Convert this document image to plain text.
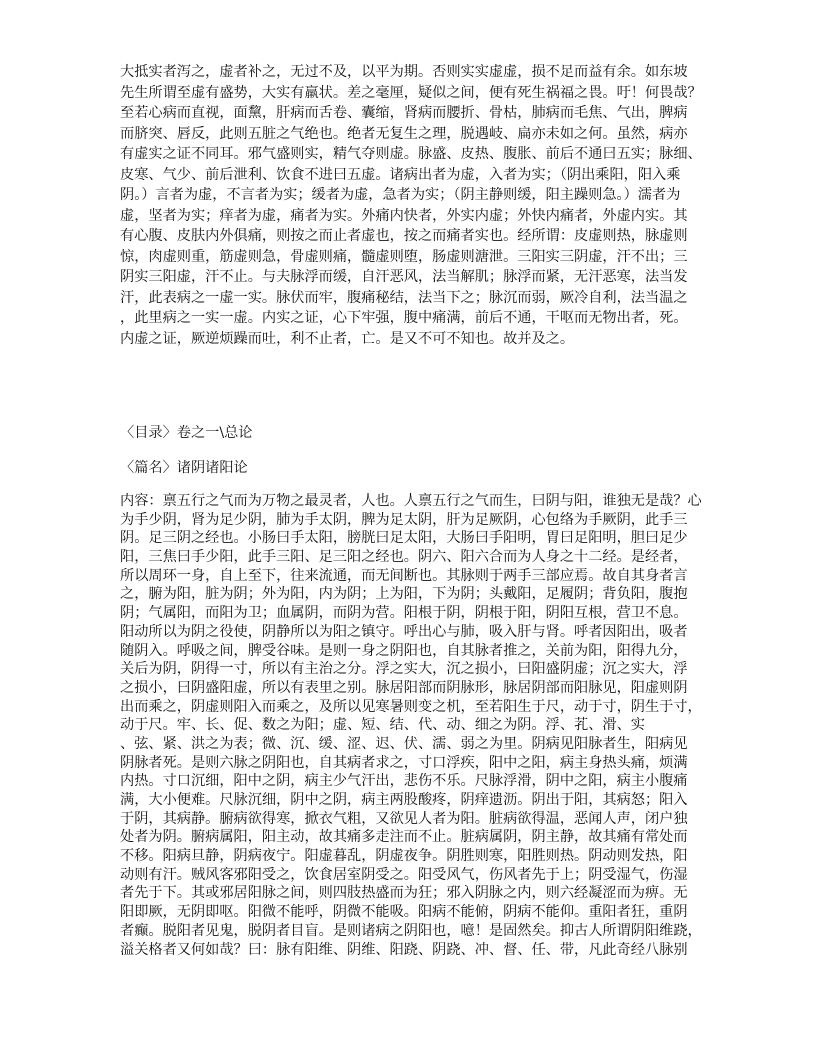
大抵实者泻之，虚者补之，无过不及，以平为期。否则实实虚虚，损不足而益有余。如东坡
先生所谓至虚有盛势，大实有羸状。差之毫厘，疑似之间，便有死生祸福之畏。吁！何畏哉？
至若心病而直视，面黧，肝病而舌卷、囊缩，肾病而腰折、骨枯，肺病而毛焦、气出，脾病
而脐突、唇反，此则五脏之气绝也。绝者无复生之理，脱遇岐、扁亦未如之何。虽然，病亦
有虚实之证不同耳。邪气盛则实，精气夺则虚。脉盛、皮热、腹胀、前后不通曰五实；脉细、
皮寒、气少、前后泄利、饮食不进曰五虚。诸病出者为虚，入者为实；（阴出乘阳，阳入乘
阴。）言者为虚，不言者为实；缓者为虚，急者为实；（阴主静则缓，阳主躁则急。）濡者为
虚，坚者为实；痒者为虚，痛者为实。外痛内快者，外实内虚；外快内痛者，外虚内实。其
有心腹、皮肤内外俱痛，则按之而止者虚也，按之而痛者实也。经所谓：皮虚则热，脉虚则
惊，肉虚则重，筋虚则急，骨虚则痛，髓虚则堕，肠虚则溏泄。三阳实三阴虚，汗不出；三
阴实三阳虚，汗不止。与夫脉浮而缓，自汗恶风，法当解肌；脉浮而紧，无汗恶寒，法当发
汗，此表病之一虚一实。脉伏而牢，腹痛秘结，法当下之；脉沉而弱，厥冷自利，法当温之
，此里病之一实一虚。内实之证，心下牢强，腹中痛满，前后不通，干呕而无物出者，死。
内虚之证，厥逆烦躁而吐，利不止者，亡。是又不可不知也。故并及之。
〈目录〉卷之一\总论
〈篇名〉诸阴诸阳论
内容：禀五行之气而为万物之最灵者，人也。人禀五行之气而生，曰阴与阳，谁独无是哉？心
为手少阴，肾为足少阴，肺为手太阴，脾为足太阴，肝为足厥阴，心包络为手厥阴，此手三
阴。足三阴之经也。小肠曰手太阳，膀胱曰足太阳，大肠曰手阳明，胃曰足阳明，胆曰足少
阳，三焦曰手少阳，此手三阳、足三阳之经也。阴六、阳六合而为人身之十二经。是经者，
所以周环一身，自上至下，往来流通，而无间断也。其脉则于两手三部应焉。故自其身者言
之，腑为阳，脏为阴；外为阳，内为阴；上为阳，下为阴；头戴阳，足履阴；背负阳，腹抱
阴；气属阳，而阳为卫；血属阴，而阴为营。阳根于阴，阴根于阳，阴阳互根，营卫不息。
阳动所以为阴之役使，阴静所以为阳之镇守。呼出心与肺，吸入肝与肾。呼者因阳出，吸者
随阴入。呼吸之间，脾受谷味。是则一身之阴阳也，自其脉者推之，关前为阳，阳得九分，
关后为阴，阴得一寸，所以有主治之分。浮之实大，沉之损小，曰阳盛阴虚；沉之实大，浮
之损小，曰阴盛阳虚，所以有表里之别。脉居阳部而阴脉形，脉居阴部而阳脉见，阳虚则阴
出而乘之，阴虚则阳入而乘之，及所以见寒暑则变之机，至若阳生于尺，动于寸，阴生于寸，
动于尺。牢、长、促、数之为阳；虚、短、结、代、动、细之为阴。浮、芤、滑、实
、弦、紧、洪之为表；微、沉、缓、涩、迟、伏、濡、弱之为里。阴病见阳脉者生，阳病见
阴脉者死。是则六脉之阴阳也，自其病者求之，寸口浮疾，阳中之阳，病主身热头痛，烦满
内热。寸口沉细，阳中之阴，病主少气汗出，悲伤不乐。尺脉浮滑，阴中之阳，病主小腹痛
满，大小便难。尺脉沉细，阴中之阴，病主两股酸疼，阴痒遗沥。阴出于阳，其病怒；阳入
于阴，其病静。腑病欲得寒，掀衣气粗，又欲见人者为阳。脏病欲得温，恶闻人声，闭户独
处者为阴。腑病属阳，阳主动，故其痛多走注而不止。脏病属阴，阴主静，故其痛有常处而
不移。阳病旦静，阴病夜宁。阳虚暮乱，阴虚夜争。阴胜则寒，阳胜则热。阴动则发热，阳
动则有汗。贼风客邪阳受之，饮食居室阴受之。阳受风气，伤风者先于上；阴受湿气，伤湿
者先于下。其或邪居阳脉之间，则四肢热盛而为狂；邪入阴脉之内，则六经凝涩而为痹。无
阳即厥，无阴即呕。阳微不能呼，阴微不能吸。阳病不能俯，阴病不能仰。重阳者狂，重阴
者癫。脱阳者见鬼，脱阴者目盲。是则诸病之阴阳也，噫！是固然矣。抑古人所谓阴阳维跷，
溢关格者又何如哉？曰：脉有阳维、阴维、阳跷、阴跷、冲、督、任、带，凡此奇经八脉别
